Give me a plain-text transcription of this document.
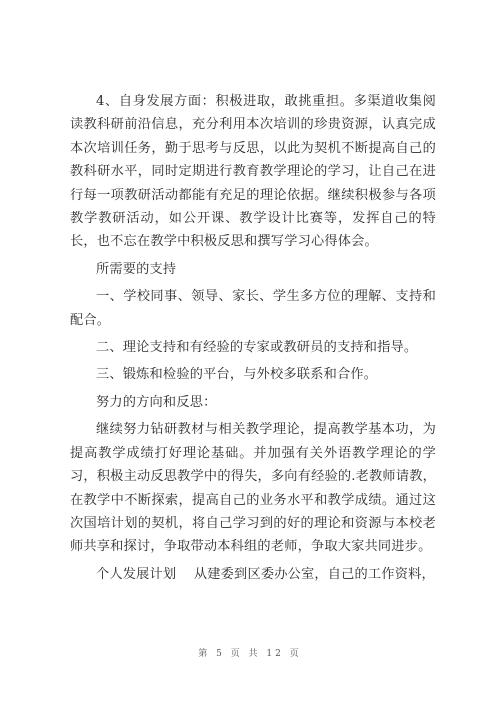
4、自身发展方面：积极进取，敢挑重担。多渠道收集阅读教科研前沿信息，充分利用本次培训的珍贵资源，认真完成本次培训任务，勤于思考与反思，以此为契机不断提高自己的教科研水平，同时定期进行教育教学理论的学习，让自己在进行每一项教研活动都能有充足的理论依据。继续积极参与各项教学教研活动，如公开课、教学设计比赛等，发挥自己的特长，也不忘在教学中积极反思和撰写学习心得体会。

所需要的支持

一、学校同事、领导、家长、学生多方位的理解、支持和配合。

二、理论支持和有经验的专家或教研员的支持和指导。

三、锻炼和检验的平台，与外校多联系和合作。

努力的方向和反思：

继续努力钻研教材与相关教学理论，提高教学基本功，为提高教学成绩打好理论基础。并加强有关外语教学理论的学习，积极主动反思教学中的得失，多向有经验的.老教师请教，在教学中不断探索，提高自己的业务水平和教学成绩。通过这次国培计划的契机，将自己学习到的好的理论和资源与本校老师共享和探讨，争取带动本科组的老师，争取大家共同进步。

个人发展计划    从建委到区委办公室，自己的工作资料，

第 5 页 共 12 页
